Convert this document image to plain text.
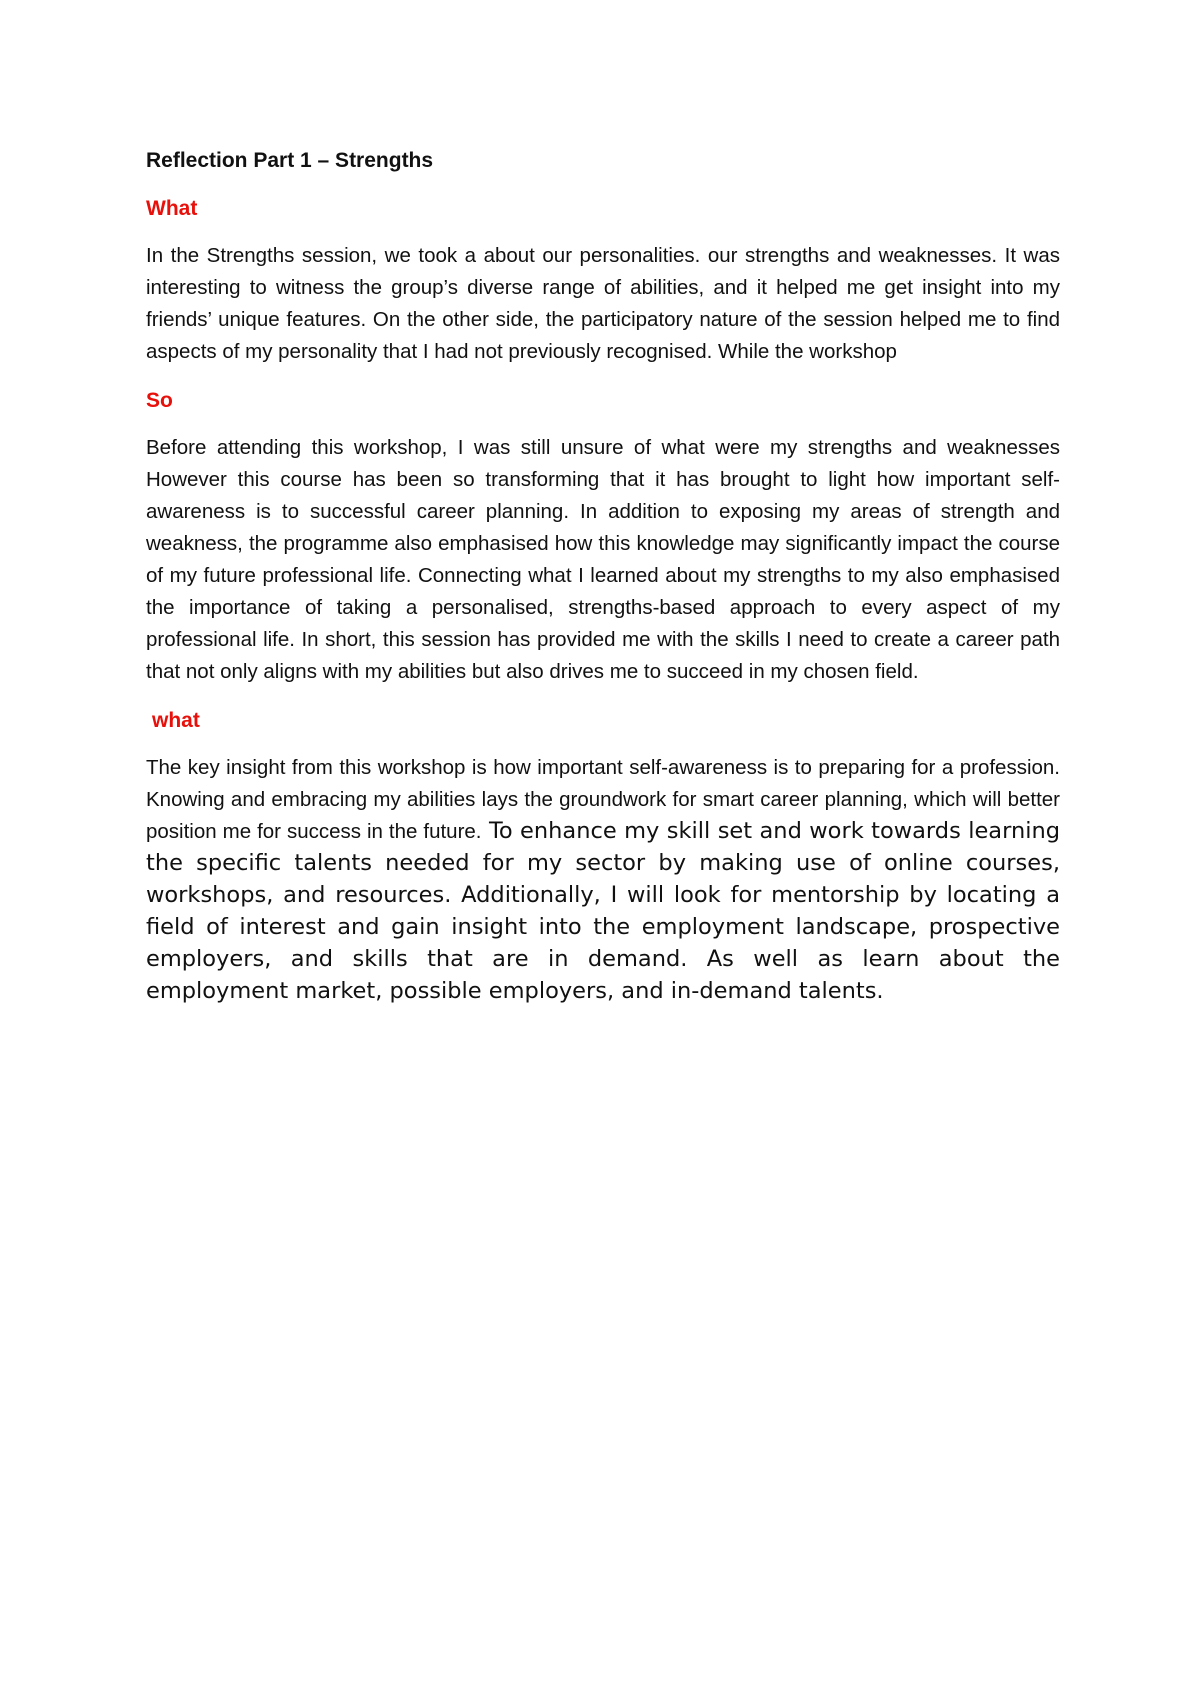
Reflection Part 1 – Strengths
What

In the Strengths session, we took a about our personalities. our strengths and weaknesses. It was interesting to witness the group’s diverse range of abilities, and it helped me get insight into my friends’ unique features. On the other side, the participatory nature of the session helped me to find aspects of my personality that I had not previously recognised. While the workshop

So

Before attending this workshop, I was still unsure of what were my strengths and weaknesses However this course has been so transforming that it has brought to light how important self-awareness is to successful career planning. In addition to exposing my areas of strength and weakness, the programme also emphasised how this knowledge may significantly impact the course of my future professional life. Connecting what I learned about my strengths to my also emphasised the importance of taking a personalised, strengths-based approach to every aspect of my professional life. In short, this session has provided me with the skills I need to create a career path that not only aligns with my abilities but also drives me to succeed in my chosen field.

what

The key insight from this workshop is how important self-awareness is to preparing for a profession. Knowing and embracing my abilities lays the groundwork for smart career planning, which will better position me for success in the future. To enhance my skill set and work towards learning the specific talents needed for my sector by making use of online courses, workshops, and resources. Additionally, I will look for mentorship by locating a field of interest and gain insight into the employment landscape, prospective employers, and skills that are in demand. As well as learn about the employment market, possible employers, and in-demand talents.
